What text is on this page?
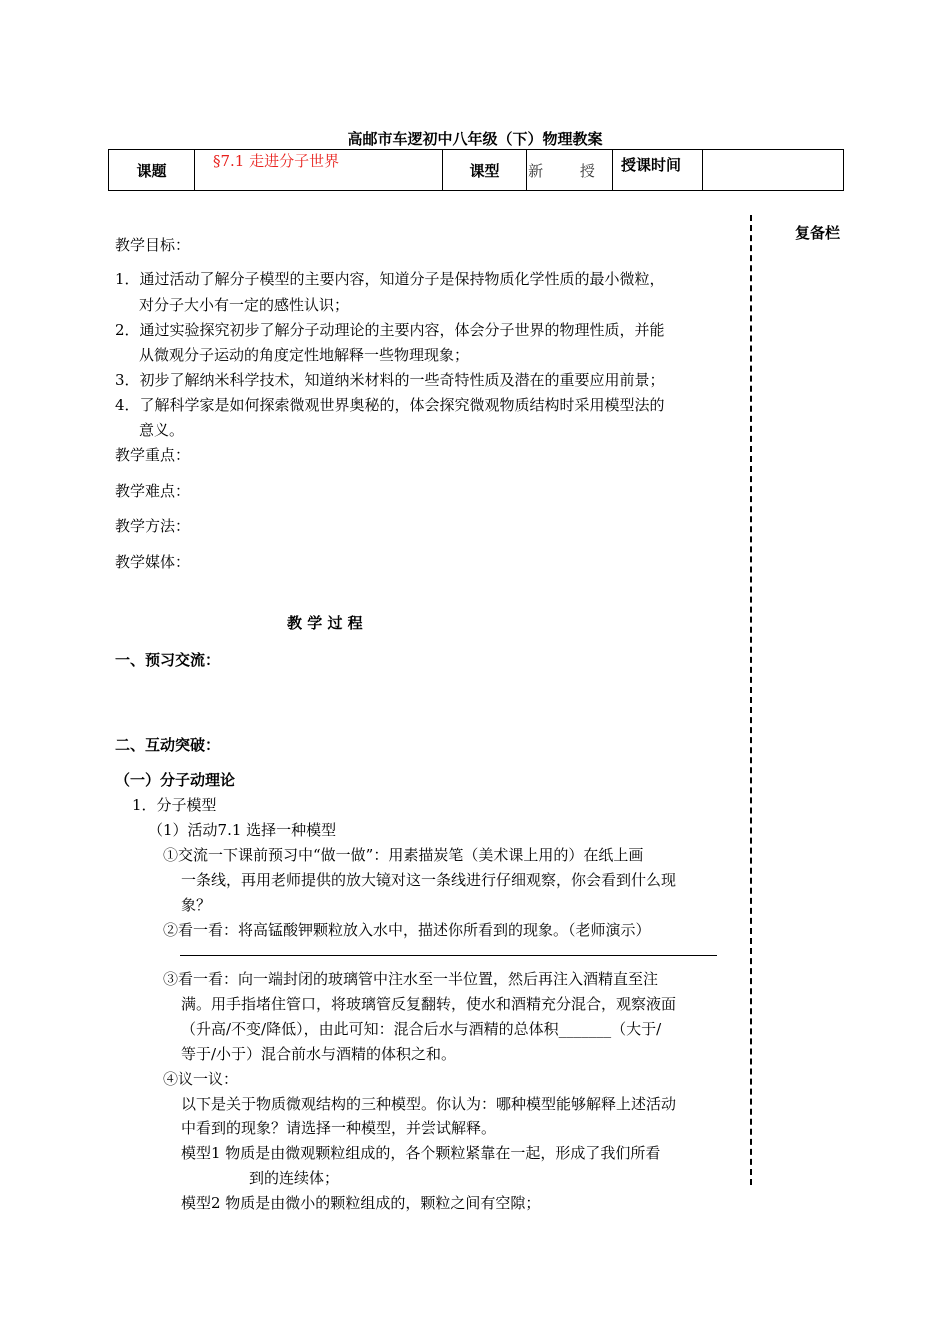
高邮市车逻初中八年级（下）物理教案
课题	§7.1 走进分子世界	课型	新 授	授课时间	
复备栏
教学目标：
1．通过活动了解分子模型的主要内容，知道分子是保持物质化学性质的最小微粒，
对分子大小有一定的感性认识；
2．通过实验探究初步了解分子动理论的主要内容，体会分子世界的物理性质，并能
从微观分子运动的角度定性地解释一些物理现象；
3．初步了解纳米科学技术，知道纳米材料的一些奇特性质及潜在的重要应用前景；
4．了解科学家是如何探索微观世界奥秘的，体会探究微观物质结构时采用模型法的
意义。
教学重点：
教学难点：
教学方法：
教学媒体：
教 学 过 程
一、预习交流：
二、互动突破：
（一）分子动理论
1．分子模型
（1）活动7.1 选择一种模型
①交流一下课前预习中“做一做”：用素描炭笔（美术课上用的）在纸上画
一条线，再用老师提供的放大镜对这一条线进行仔细观察，你会看到什么现
象？
②看一看：将高锰酸钾颗粒放入水中，描述你所看到的现象。（老师演示）
③看一看：向一端封闭的玻璃管中注水至一半位置，然后再注入酒精直至注
满。用手指堵住管口，将玻璃管反复翻转，使水和酒精充分混合，观察液面
（升高/不变/降低），由此可知：混合后水与酒精的总体积_______（大于/
等于/小于）混合前水与酒精的体积之和。
④议一议：
以下是关于物质微观结构的三种模型。你认为：哪种模型能够解释上述活动
中看到的现象？请选择一种模型，并尝试解释。
模型1 物质是由微观颗粒组成的，各个颗粒紧靠在一起，形成了我们所看
到的连续体；
模型2 物质是由微小的颗粒组成的，颗粒之间有空隙；
